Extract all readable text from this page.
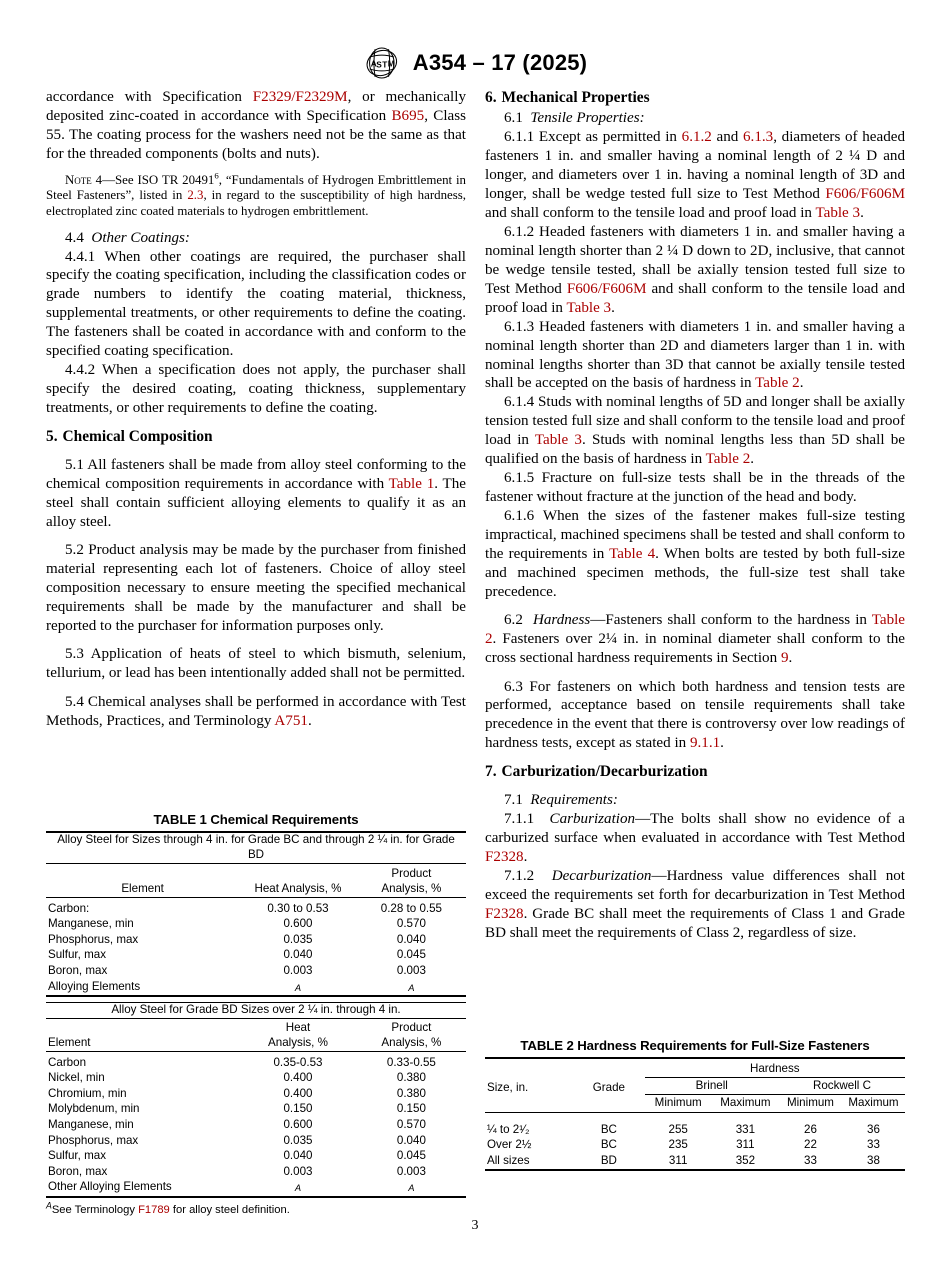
A S T M A354 – 17 (2025)

accordance with Specification F2329/F2329M, or mechanically deposited zinc-coated in accordance with Specification B695, Class 55. The coating process for the washers need not be the same as that for the threaded components (bolts and nuts).

Note 4—See ISO TR 20491$^6$, “Fundamentals of Hydrogen Embrittlement in Steel Fasteners”, listed in 2.3, in regard to the susceptibility of high hardness, electroplated zinc coated materials to hydrogen embrittlement.

4.4 Other Coatings:

4.4.1 When other coatings are required, the purchaser shall specify the coating specification, including the classification codes or grade numbers to identify the coating material, thickness, supplemental treatments, or other requirements to define the coating. The fasteners shall be coated in accordance with and conform to the specified coating specification.

4.4.2 When a specification does not apply, the purchaser shall specify the desired coating, coating thickness, supplementary treatments, or other requirements to define the coating.

5. Chemical Composition

5.1 All fasteners shall be made from alloy steel conforming to the chemical composition requirements in accordance with Table 1. The steel shall contain sufficient alloying elements to qualify it as an alloy steel.

5.2 Product analysis may be made by the purchaser from finished material representing each lot of fasteners. Choice of alloy steel composition necessary to ensure meeting the specified mechanical requirements shall be made by the manufacturer and shall be reported to the purchaser for information purposes only.

5.3 Application of heats of steel to which bismuth, selenium, tellurium, or lead has been intentionally added shall not be permitted.

5.4 Chemical analyses shall be performed in accordance with Test Methods, Practices, and Terminology A751.

6. Mechanical Properties

6.1 Tensile Properties:

6.1.1 Except as permitted in 6.1.2 and 6.1.3, diameters of headed fasteners 1 in. and smaller having a nominal length of 2 ¼ D and longer, and diameters over 1 in. having a nominal length of 3D and longer, shall be wedge tested full size to Test Method F606/F606M and shall conform to the tensile load and proof load in Table 3.

6.1.2 Headed fasteners with diameters 1 in. and smaller having a nominal length shorter than 2 ¼ D down to 2D, inclusive, that cannot be wedge tensile tested, shall be axially tension tested full size to Test Method F606/F606M and shall conform to the tensile load and proof load in Table 3.

6.1.3 Headed fasteners with diameters 1 in. and smaller having a nominal length shorter than 2D and diameters larger than 1 in. with nominal lengths shorter than 3D that cannot be axially tensile tested shall be accepted on the basis of hardness in Table 2.

6.1.4 Studs with nominal lengths of 5D and longer shall be axially tension tested full size and shall conform to the tensile load and proof load in Table 3. Studs with nominal lengths less than 5D shall be qualified on the basis of hardness in Table 2.

6.1.5 Fracture on full-size tests shall be in the threads of the fastener without fracture at the junction of the head and body.

6.1.6 When the sizes of the fastener makes full-size testing impractical, machined specimens shall be tested and shall conform to the requirements in Table 4. When bolts are tested by both full-size and machined specimen methods, the full-size test shall take precedence.

6.2 Hardness—Fasteners shall conform to the hardness in Table 2. Fasteners over 2¼ in. in nominal diameter shall conform to the cross sectional hardness requirements in Section 9.

6.3 For fasteners on which both hardness and tension tests are performed, acceptance based on tensile requirements shall take precedence in the event that there is controversy over low readings of hardness tests, except as stated in 9.1.1.

7. Carburization/Decarburization

7.1 Requirements:

7.1.1 Carburization—The bolts shall show no evidence of a carburized surface when evaluated in accordance with Test Method F2328.

7.1.2 Decarburization—Hardness value differences shall not exceed the requirements set forth for decarburization in Test Method F2328. Grade BC shall meet the requirements of Class 1 and Grade BD shall meet the requirements of Class 2, regardless of size.

TABLE 1 Chemical Requirements
Alloy Steel for Sizes through 4 in. for Grade BC and through 2 ¼ in. for Grade BD		
Element	Heat Analysis, %	Product
Analysis, %

Carbon:	0.30 to 0.53	0.28 to 0.55
Manganese, min	0.600	0.570
Phosphorus, max	0.035	0.040
Sulfur, max	0.040	0.045
Boron, max	0.003	0.003
Alloying Elements	A	A

Alloy Steel for Grade BD Sizes over 2 ¼ in. through 4 in.		
Element	Heat
Analysis, %	Product
Analysis, %

Carbon	0.35-0.53	0.33-0.55
Nickel, min	0.400	0.380
Chromium, min	0.400	0.380
Molybdenum, min	0.150	0.150
Manganese, min	0.600	0.570
Phosphorus, max	0.035	0.040
Sulfur, max	0.040	0.045
Boron, max	0.003	0.003
Other Alloying Elements	A	A

$^A$See Terminology F1789 for alloy steel definition.
TABLE 2 Hardness Requirements for Full-Size Fasteners
Size, in.	Grade	Hardness			
		Brinell		Rockwell C	
		Minimum	Maximum	Minimum	Maximum

¼ to 2¹⁄₂	BC	255	331	26	36
Over 2½	BC	235	311	22	33
All sizes	BD	311	352	33	38

3
